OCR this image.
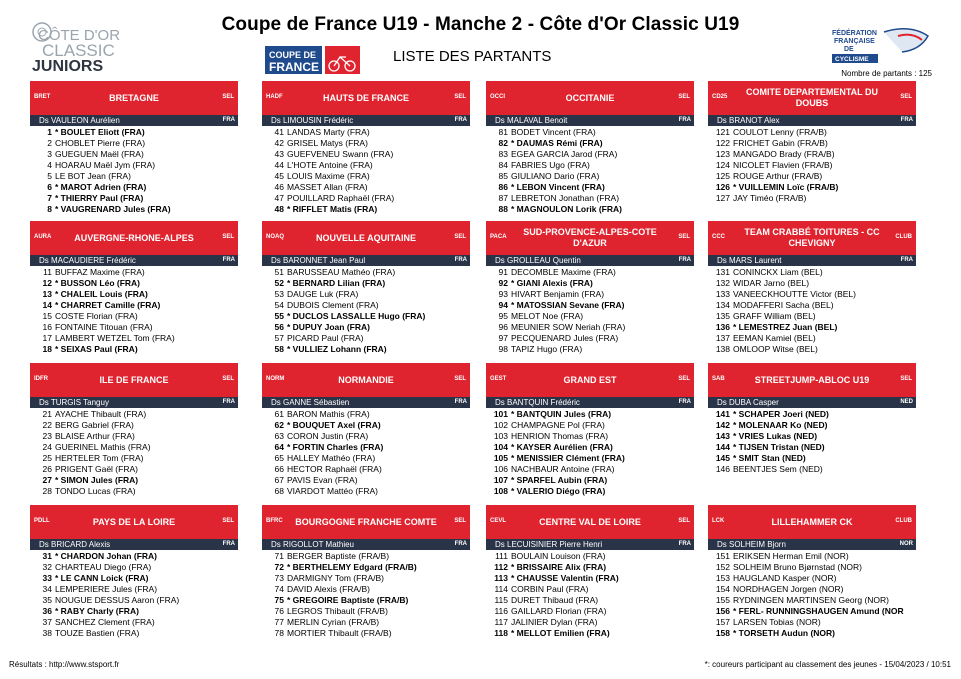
CÔTE D'OR
CLASSIC
JUNIORS
COUPE DE
FRANCE
FÉDÉRATION
FRANÇAISE
DE
CYCLISME
Coupe de France U19 - Manche 2 - Côte d'Or Classic U19
LISTE DES PARTANTS
Nombre de partants : 125
BRET	BRETAGNE	SEL
Ds VAULEON Aurélien	FRA
1 * BOULET Eliott (FRA)
2 CHOBLET Pierre (FRA)
3 GUEGUEN Maël (FRA)
4 HOARAU Maël Jym (FRA)
5 LE BOT Jean (FRA)
6 * MAROT Adrien (FRA)
7 * THIERRY Paul (FRA)
8 * VAUGRENARD Jules (FRA)
HADF	HAUTS DE FRANCE	SEL
Ds LIMOUSIN Frédéric	FRA
41 LANDAS Marty (FRA)
42 GRISEL Matys (FRA)
43 GUEFVENEU Swann (FRA)
44 L'HOTE Antoine (FRA)
45 LOUIS Maxime (FRA)
46 MASSET Allan (FRA)
47 POUILLARD Raphaël (FRA)
48 * RIFFLET Matis (FRA)
OCCI	OCCITANIE	SEL
Ds MALAVAL Benoit	FRA
81 BODET Vincent (FRA)
82 * DAUMAS Rémi (FRA)
83 EGEA GARCIA Jarod (FRA)
84 FABRIES Ugo (FRA)
85 GIULIANO Dario (FRA)
86 * LEBON Vincent (FRA)
87 LEBRETON Jonathan (FRA)
88 * MAGNOULON Lorik (FRA)
CD25	COMITE DEPARTEMENTAL DU DOUBS
SEL
Ds BRANOT Alex	FRA
121 COULOT Lenny (FRA/B)
122 FRICHET Gabin (FRA/B)
123 MANGADO Brady (FRA/B)
124 NICOLET Flavien (FRA/B)
125 ROUGE Arthur (FRA/B)
126 * VUILLEMIN Loïc (FRA/B)
127 JAY Timéo (FRA/B)
AURA	AUVERGNE-RHONE-ALPES	SEL
Ds MACAUDIERE Frédéric	FRA
11 BUFFAZ Maxime (FRA)
12 * BUSSON Léo (FRA)
13 * CHALEIL Louis (FRA)
14 * CHARRET Camille (FRA)
15 COSTE Florian (FRA)
16 FONTAINE Titouan (FRA)
17 LAMBERT WETZEL Tom (FRA)
18 * SEIXAS Paul (FRA)
NOAQ	NOUVELLE AQUITAINE	SEL
Ds BARONNET Jean Paul	FRA
51 BARUSSEAU Mathéo (FRA)
52 * BERNARD Lilian (FRA)
53 DAUGE Luk (FRA)
54 DUBOIS Clement (FRA)
55 * DUCLOS LASSALLE Hugo (FRA)
56 * DUPUY Joan (FRA)
57 PICARD Paul (FRA)
58 * VULLIEZ Lohann (FRA)
PACA	SUD-PROVENCE-ALPES-COTE D'AZUR
SEL
Ds GROLLEAU Quentin	FRA
91 DECOMBLE Maxime (FRA)
92 * GIANI Alexis (FRA)
93 HIVART Benjamin (FRA)
94 * MATOSSIAN Sevane (FRA)
95 MELOT Noe (FRA)
96 MEUNIER SOW Neriah (FRA)
97 PECQUENARD Jules (FRA)
98 TAPIZ Hugo (FRA)
CCC	TEAM CRABBÉ TOITURES - CC CHEVIGNY
CLUB
Ds MARS Laurent	FRA
131 CONINCKX Liam (BEL)
132 WIDAR Jarno (BEL)
133 VANEECKHOUTTE Victor (BEL)
134 MODAFFERI Sacha (BEL)
135 GRAFF William (BEL)
136 * LEMESTREZ Juan (BEL)
137 EEMAN Kamiel (BEL)
138 OMLOOP Witse (BEL)
IDFR	ILE DE FRANCE	SEL
Ds TURGIS Tanguy	FRA
21 AYACHE Thibault (FRA)
22 BERG Gabriel (FRA)
23 BLAISE Arthur (FRA)
24 GUERINEL Mathis (FRA)
25 HERTELER Tom (FRA)
26 PRIGENT Gaël (FRA)
27 * SIMON Jules (FRA)
28 TONDO Lucas (FRA)
NORM	NORMANDIE	SEL
Ds GANNE Sébastien	FRA
61 BARON Mathis (FRA)
62 * BOUQUET Axel (FRA)
63 CORON Justin (FRA)
64 * FORTIN Charles (FRA)
65 HALLEY Mathéo (FRA)
66 HECTOR Raphaël (FRA)
67 PAVIS Evan (FRA)
68 VIARDOT Mattéo (FRA)
GEST	GRAND EST	SEL
Ds BANTQUIN Frédéric	FRA
101 * BANTQUIN Jules (FRA)
102 CHAMPAGNE Pol (FRA)
103 HENRION Thomas (FRA)
104 * KAYSER Aurélien (FRA)
105 * MENISSIER Clément (FRA)
106 NACHBAUR Antoine (FRA)
107 * SPARFEL Aubin (FRA)
108 * VALERIO Diégo (FRA)
SAB	STREETJUMP-ABLOC U19	SEL
Ds DUBA Casper	NED
141 * SCHAPER Joeri (NED)
142 * MOLENAAR Ko (NED)
143 * VRIES Lukas (NED)
144 * TIJSEN Tristan (NED)
145 * SMIT Stan (NED)
146 BEENTJES Sem (NED)
PDLL	PAYS DE LA LOIRE	SEL
Ds BRICARD Alexis	FRA
31 * CHARDON Johan (FRA)
32 CHARTEAU Diego (FRA)
33 * LE CANN Loick (FRA)
34 LEMPERIERE Jules (FRA)
35 NOUGUE DESSUS Aaron (FRA)
36 * RABY Charly (FRA)
37 SANCHEZ Clement (FRA)
38 TOUZE Bastien (FRA)
BFRC	BOURGOGNE FRANCHE COMTE	SEL
Ds RIGOLLOT Mathieu	FRA
71 BERGER Baptiste (FRA/B)
72 * BERTHELEMY Edgard (FRA/B)
73 DARMIGNY Tom (FRA/B)
74 DAVID Alexis (FRA/B)
75 * GREGOIRE Baptiste (FRA/B)
76 LEGROS Thibault (FRA/B)
77 MERLIN Cyrian (FRA/B)
78 MORTIER Thibault (FRA/B)
CEVL	CENTRE VAL DE LOIRE	SEL
Ds LECUISINIER Pierre Henri	FRA
111 BOULAIN Louison (FRA)
112 * BRISSAIRE Alix (FRA)
113 * CHAUSSE Valentin (FRA)
114 CORBIN Paul (FRA)
115 DURET Thibaud (FRA)
116 GAILLARD Florian (FRA)
117 JALINIER Dylan (FRA)
118 * MELLOT Emilien (FRA)
LCK	LILLEHAMMER CK	CLUB
Ds SOLHEIM Bjorn	NOR
151 ERIKSEN Herman Emil (NOR)
152 SOLHEIM Bruno Bjørnstad (NOR)
153 HAUGLAND Kasper (NOR)
154 NORDHAGEN Jorgen (NOR)
155 RYDNINGEN MARTINSEN Georg (NOR)
156 * FERL- RUNNINGSHAUGEN Amund (NOR
157 LARSEN Tobias (NOR)
158 * TORSETH Audun (NOR)
Résultats : http://www.stsport.fr	*: coureurs participant au classement des jeunes - 15/04/2023 / 10:51
